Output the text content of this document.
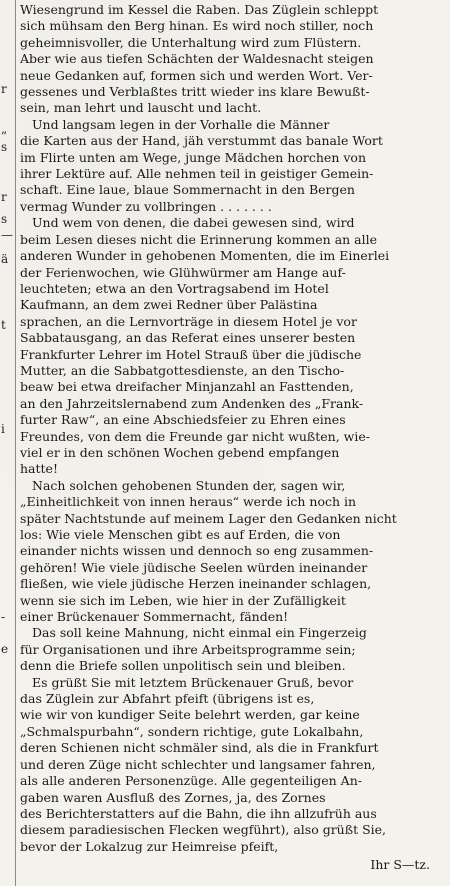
r
„
s
r
s
—
ä
t
i
-
e
Wiesengrund im Kessel die Raben. Das Züglein schleppt
sich mühsam den Berg hinan. Es wird noch stiller, noch
geheimnisvoller, die Unterhaltung wird zum Flüstern.
Aber wie aus tiefen Schächten der Waldesnacht steigen
neue Gedanken auf, formen sich und werden Wort. Ver-
gessenes und Verblaßtes tritt wieder ins klare Bewußt-
sein, man lehrt und lauscht und lacht.
Und langsam legen in der Vorhalle die Männer
die Karten aus der Hand, jäh verstummt das banale Wort
im Flirte unten am Wege, junge Mädchen horchen von
ihrer Lektüre auf. Alle nehmen teil in geistiger Gemein-
schaft. Eine laue, blaue Sommernacht in den Bergen
vermag Wunder zu vollbringen . . . . . . .
Und wem von denen, die dabei gewesen sind, wird
beim Lesen dieses nicht die Erinnerung kommen an alle
anderen Wunder in gehobenen Momenten, die im Einerlei
der Ferienwochen, wie Glühwürmer am Hange auf-
leuchteten; etwa an den Vortragsabend im Hotel
Kaufmann, an dem zwei Redner über Palästina
sprachen, an die Lernvorträge in diesem Hotel je vor
Sabbatausgang, an das Referat eines unserer besten
Frankfurter Lehrer im Hotel Strauß über die jüdische
Mutter, an die Sabbatgottesdienste, an den Tischo-
beaw bei etwa dreifacher Minjanzahl an Fasttenden,
an den Jahrzeitslernabend zum Andenken des „Frank-
furter Raw“, an eine Abschiedsfeier zu Ehren eines
Freundes, von dem die Freunde gar nicht wußten, wie-
viel er in den schönen Wochen gebend empfangen
hatte!
Nach solchen gehobenen Stunden der, sagen wir,
„Einheitlichkeit von innen heraus“ werde ich noch in
später Nachtstunde auf meinem Lager den Gedanken nicht
los: Wie viele Menschen gibt es auf Erden, die von
einander nichts wissen und dennoch so eng zusammen-
gehören! Wie viele jüdische Seelen würden ineinander
fließen, wie viele jüdische Herzen ineinander schlagen,
wenn sie sich im Leben, wie hier in der Zufälligkeit
einer Brückenauer Sommernacht, fänden!
Das soll keine Mahnung, nicht einmal ein Fingerzeig
für Organisationen und ihre Arbeitsprogramme sein;
denn die Briefe sollen unpolitisch sein und bleiben.
Es grüßt Sie mit letztem Brückenauer Gruß, bevor
das Züglein zur Abfahrt pfeift (übrigens ist es,
wie wir von kundiger Seite belehrt werden, gar keine
„Schmalspurbahn“, sondern richtige, gute Lokalbahn,
deren Schienen nicht schmäler sind, als die in Frankfurt
und deren Züge nicht schlechter und langsamer fahren,
als alle anderen Personenzüge. Alle gegenteiligen An-
gaben waren Ausfluß des Zornes, ja, des Zornes
des Berichterstatters auf die Bahn, die ihn allzufrüh aus
diesem paradiesischen Flecken wegführt), also grüßt Sie,
bevor der Lokalzug zur Heimreise pfeift,
Ihr S—tz.
